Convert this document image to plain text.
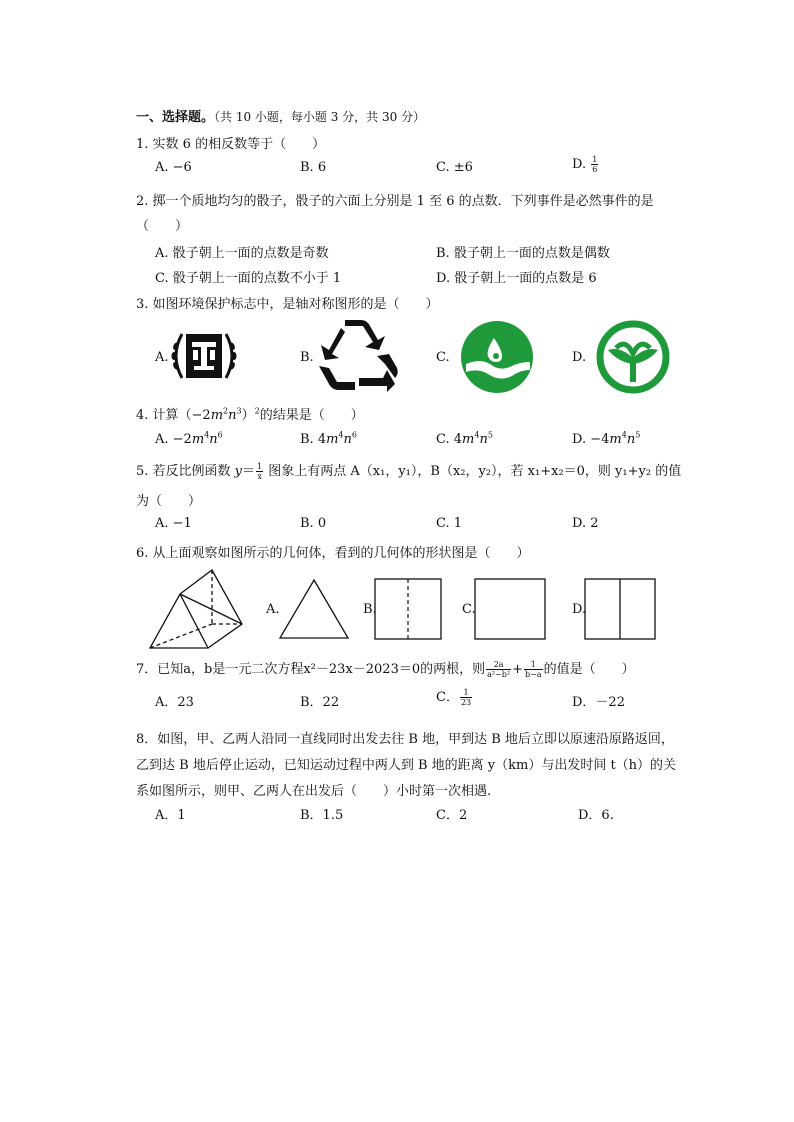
一、选择题。（共 10 小题，每小题 3 分，共 30 分）
1. 实数 6 的相反数等于（　　）
A. −6	B. 6	C. ±6	D. $\frac{1}{6}$
2. 掷一个质地均匀的骰子，骰子的六面上分别是 1 至 6 的点数．下列事件是必然事件的是
（　　）
A. 骰子朝上一面的点数是奇数	B. 骰子朝上一面的点数是偶数
C. 骰子朝上一面的点数不小于 1	D. 骰子朝上一面的点数是 6
3. 如图环境保护标志中，是轴对称图形的是（　　）
A.	B.	C.	D.
4. 计算$(-2m^2n^3)^2$的结果是（　　）
A. $-2m^4n^6$	B. $4m^4n^6$	C. $4m^4n^5$	D. $-4m^4n^5$
5. 若反比例函数 $y= \frac{1}{x}$ 图象上有两点 A（x₁，y₁），B（x₂，y₂），若 x₁+x₂＝0，则 y₁+y₂ 的值
为（　　）
A. −1	B. 0	C. 1	D. 2
6. 从上面观察如图所示的几何体，看到的几何体的形状图是（　　）
A.	B.	C.	D.
7．已知a，b是一元二次方程x²－23x－2023＝0的两根，则 $\frac{2a}{\text{a²−b²}} + \frac{1}{b-a}$ 的值是（　　）
A．23	B．22	C． $\frac{1}{23}$	D．－22
8．如图，甲、乙两人沿同一直线同时出发去往 B 地，甲到达 B 地后立即以原速沿原路返回，
乙到达 B 地后停止运动，已知运动过程中两人到 B 地的距离 y（km）与出发时间 t（h）的关
系如图所示，则甲、乙两人在出发后（　　）小时第一次相遇.
A．1	B．1.5	C．2	D．6.
